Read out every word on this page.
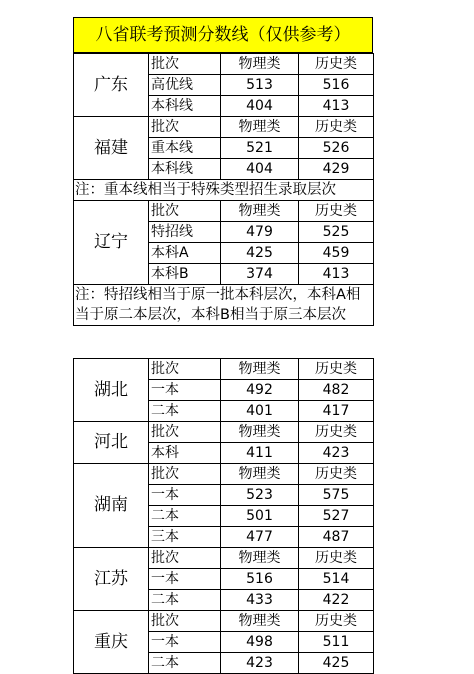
八省联考预测分数线（仅供参考）
广东	批次	物理类	历史类
	高优线	513	516
	本科线	404	413
福建	批次	物理类	历史类
	重本线	521	526
	本科线	404	429
注：重本线相当于特殊类型招生录取层次			
辽宁	批次	物理类	历史类
	特招线	479	525
	本科A	425	459
	本科B	374	413
注：特招线相当于原一批本科层次，本科A相当于原二本层次，本科B相当于原三本层次			
湖北	批次	物理类	历史类
	一本	492	482
	二本	401	417
河北	批次	物理类	历史类
	本科	411	423
湖南	批次	物理类	历史类
	一本	523	575
	二本	501	527
	三本	477	487
江苏	批次	物理类	历史类
	一本	516	514
	二本	433	422
重庆	批次	物理类	历史类
	一本	498	511
	二本	423	425
